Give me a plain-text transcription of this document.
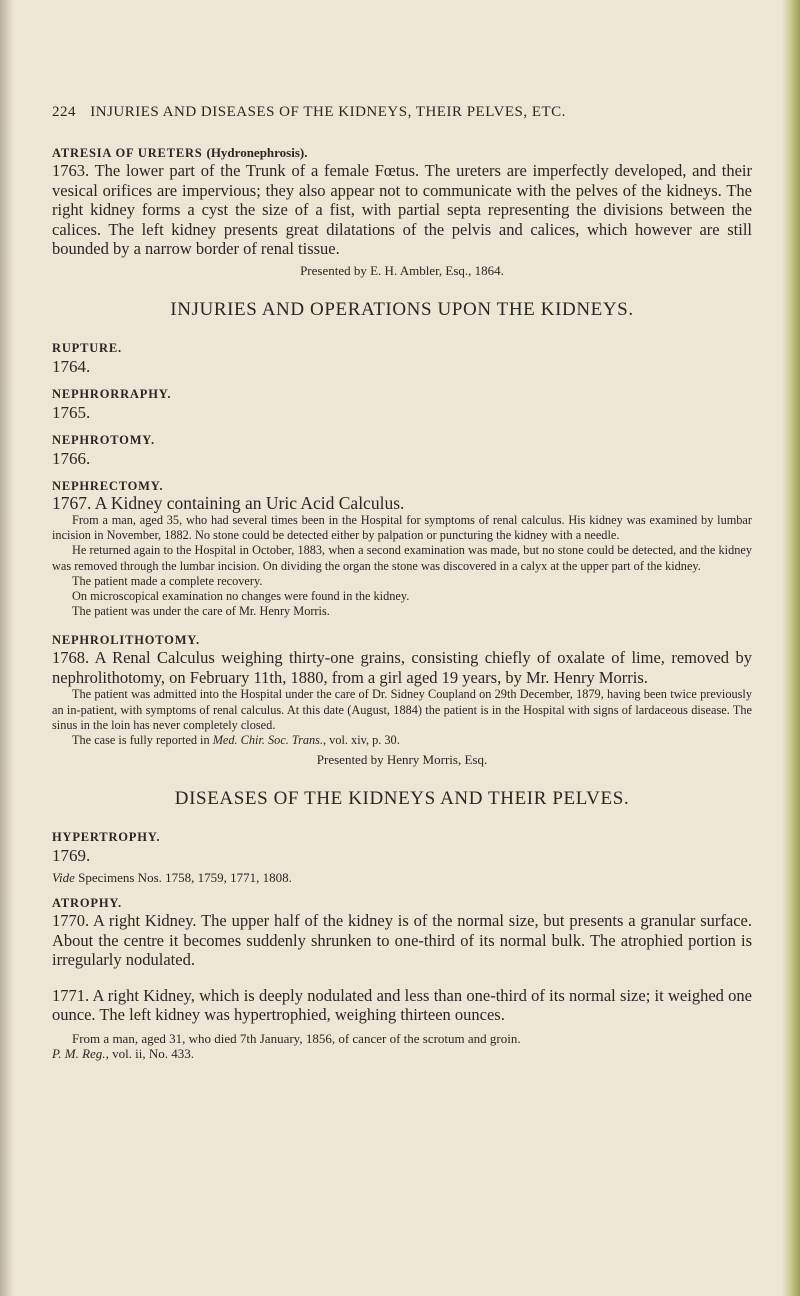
224 INJURIES AND DISEASES OF THE KIDNEYS, THEIR PELVES, ETC.

ATRESIA OF URETERS (Hydronephrosis).

1763. The lower part of the Trunk of a female Fœtus. The ureters are imperfectly developed, and their vesical orifices are impervious; they also appear not to communicate with the pelves of the kidneys. The right kidney forms a cyst the size of a fist, with partial septa representing the divisions between the calices. The left kidney presents great dilatations of the pelvis and calices, which however are still bounded by a narrow border of renal tissue.

Presented by E. H. Ambler, Esq., 1864.

INJURIES AND OPERATIONS UPON THE KIDNEYS.

RUPTURE.

1764.

NEPHRORRAPHY.

1765.

NEPHROTOMY.

1766.

NEPHRECTOMY.

1767. A Kidney containing an Uric Acid Calculus.

From a man, aged 35, who had several times been in the Hospital for symptoms of renal calculus. His kidney was examined by lumbar incision in November, 1882. No stone could be detected either by palpation or puncturing the kidney with a needle.

He returned again to the Hospital in October, 1883, when a second examination was made, but no stone could be detected, and the kidney was removed through the lumbar incision. On dividing the organ the stone was discovered in a calyx at the upper part of the kidney.

The patient made a complete recovery.

On microscopical examination no changes were found in the kidney.

The patient was under the care of Mr. Henry Morris.

NEPHROLITHOTOMY.

1768. A Renal Calculus weighing thirty-one grains, consisting chiefly of oxalate of lime, removed by nephrolithotomy, on February 11th, 1880, from a girl aged 19 years, by Mr. Henry Morris.

The patient was admitted into the Hospital under the care of Dr. Sidney Coupland on 29th December, 1879, having been twice previously an in-patient, with symptoms of renal calculus. At this date (August, 1884) the patient is in the Hospital with signs of lardaceous disease. The sinus in the loin has never completely closed.

The case is fully reported in Med. Chir. Soc. Trans., vol. xiv, p. 30.

Presented by Henry Morris, Esq.

DISEASES OF THE KIDNEYS AND THEIR PELVES.

HYPERTROPHY.

1769.

Vide Specimens Nos. 1758, 1759, 1771, 1808.

ATROPHY.

1770. A right Kidney. The upper half of the kidney is of the normal size, but presents a granular surface. About the centre it becomes suddenly shrunken to one-third of its normal bulk. The atrophied portion is irregularly nodulated.

1771. A right Kidney, which is deeply nodulated and less than one-third of its normal size; it weighed one ounce. The left kidney was hypertrophied, weighing thirteen ounces.

From a man, aged 31, who died 7th January, 1856, of cancer of the scrotum and groin.
P. M. Reg., vol. ii, No. 433.
